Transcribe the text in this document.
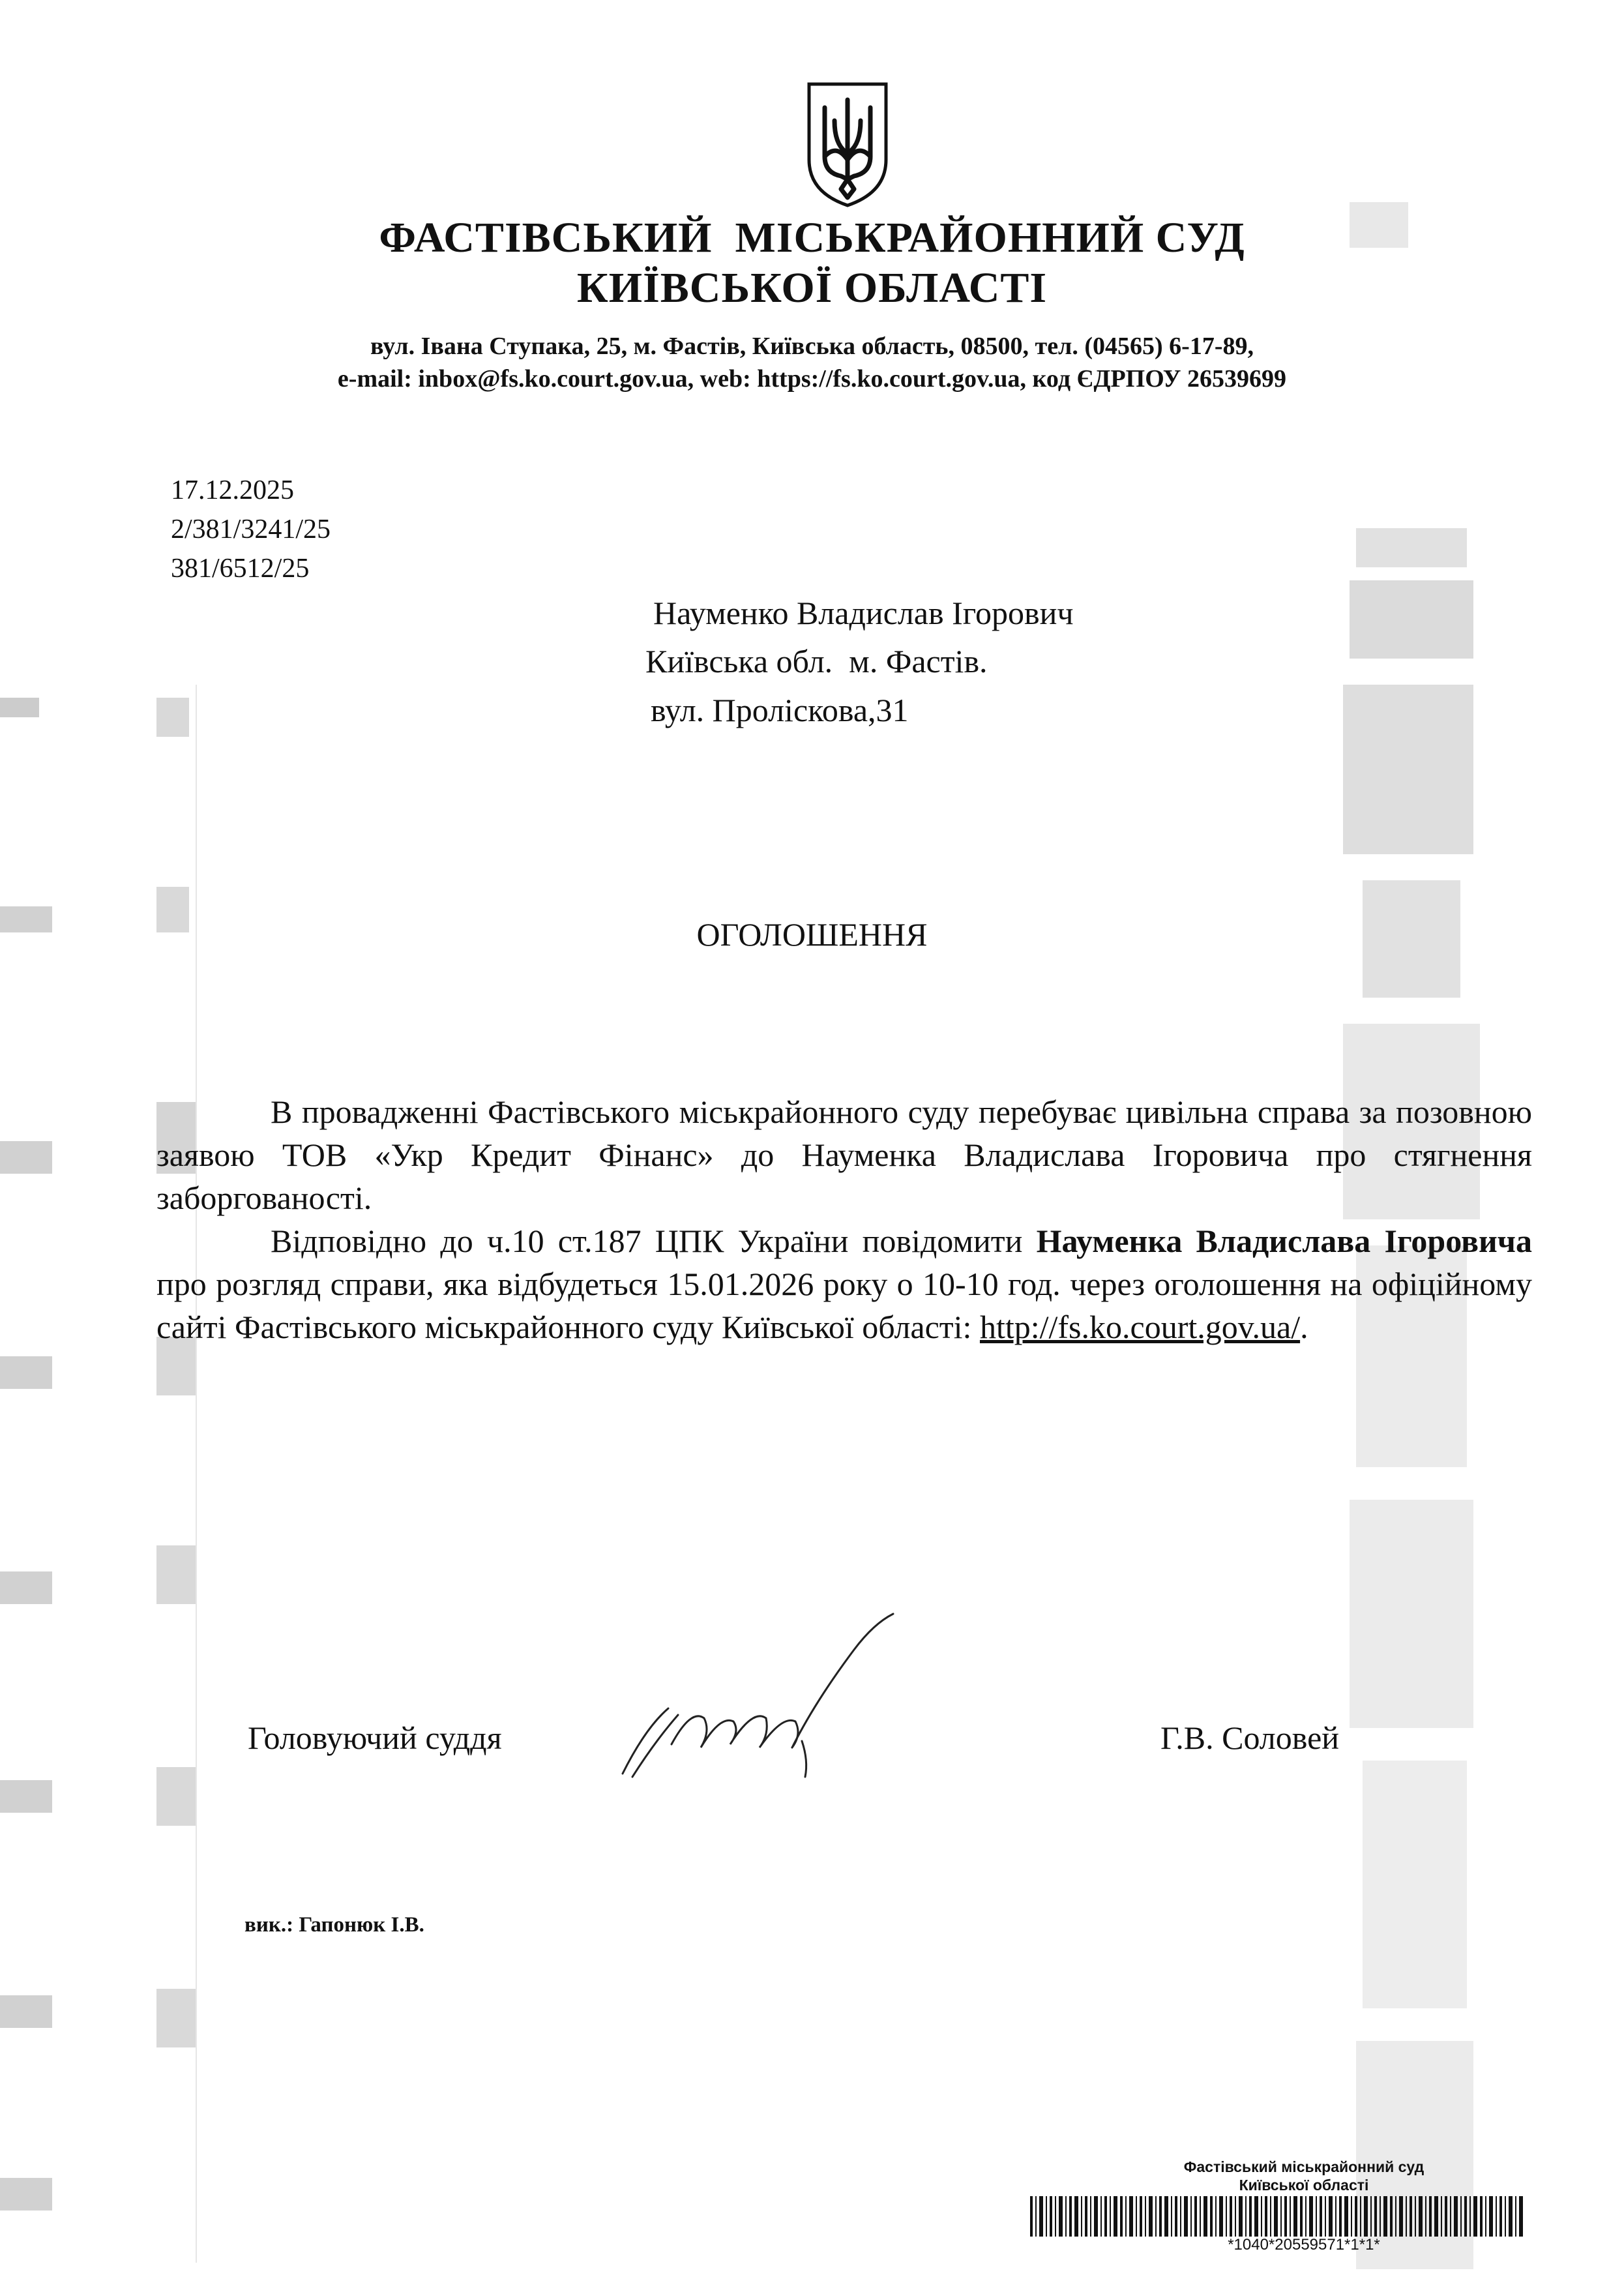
ФАСТІВСЬКИЙ  МІСЬКРАЙОННИЙ СУД
КИЇВСЬКОЇ ОБЛАСТІ
вул. Івана Ступака, 25, м. Фастів, Київська область, 08500, тел. (04565) 6-17-89,
e-mail: inbox@fs.ko.court.gov.ua, web: https://fs.ko.court.gov.ua, код ЄДРПОУ 26539699
17.12.2025
2/381/3241/25
381/6512/25
Науменко Владислав Ігорович
Київська обл.  м. Фастів.
вул. Пролiскова,31
ОГОЛОШЕННЯ

В провадженні Фастівського міськрайонного суду перебуває цивільна справа за позовною заявою ТОВ «Укр Кредит Фінанс» до Науменка Владислава Ігоровича про стягнення заборгованості.

Відповідно до ч.10 ст.187 ЦПК України повідомити Науменка Владислава Ігоровича про розгляд справи, яка відбудеться 15.01.2026 року о 10-10 год. через оголошення на офіційному сайті Фастівського міськрайонного суду Київської області: http://fs.ko.court.gov.ua/.

Головуючий суддя	Г.В. Соловей
вик.: Гапонюк І.В.
Фастівський міськрайонний суд
Київської області
*1040*20559571*1*1*
